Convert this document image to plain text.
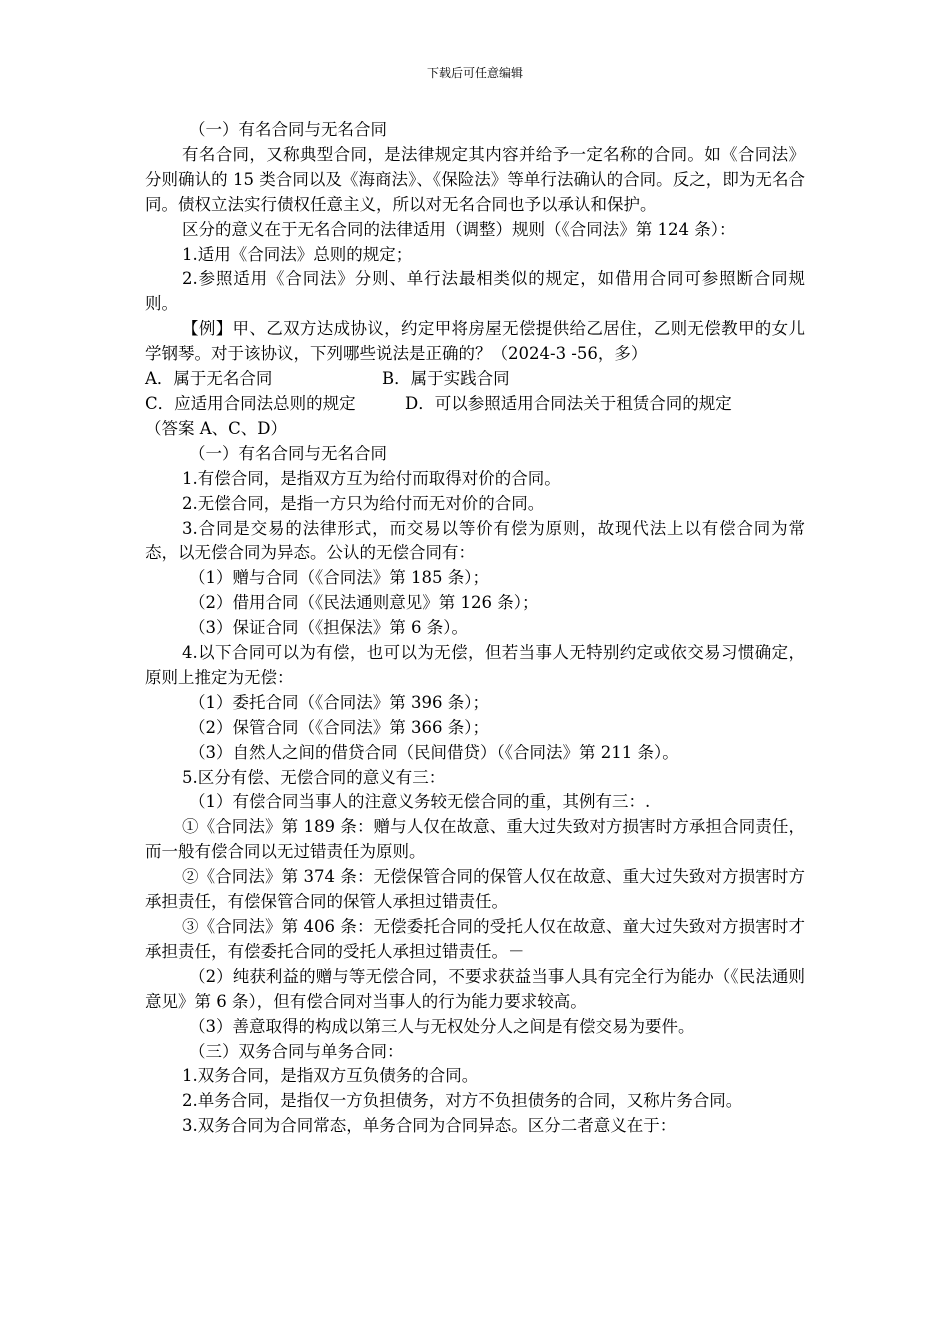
下载后可任意编辑

（一）有名合同与无名合同

有名合同，又称典型合同，是法律规定其内容并给予一定名称的合同。如《合同法》分则确认的 15 类合同以及《海商法》、《保险法》等单行法确认的合同。反之，即为无名合同。债权立法实行债权任意主义，所以对无名合同也予以承认和保护。

区分的意义在于无名合同的法律适用（调整）规则（《合同法》第 124 条）：

1.适用《合同法》总则的规定；

2.参照适用《合同法》分则、单行法最相类似的规定，如借用合同可参照断合同规则。

【例】甲、乙双方达成协议，约定甲将房屋无偿提供给乙居住，乙则无偿教甲的女儿学钢琴。对于该协议，下列哪些说法是正确的？（2024-3 -56，多）

A．属于无名合同	B．属于实践合同
C．应适用合同法总则的规定	D．可以参照适用合同法关于租赁合同的规定

（答案 A、C、D）

（一）有名合同与无名合同

1.有偿合同，是指双方互为给付而取得对价的合同。

2.无偿合同，是指一方只为给付而无对价的合同。

3.合同是交易的法律形式，而交易以等价有偿为原则，故现代法上以有偿合同为常态，以无偿合同为异态。公认的无偿合同有：

（1）赠与合同（《合同法》第 185 条）；

（2）借用合同（《民法通则意见》第 126 条）；

（3）保证合同（《担保法》第 6 条）。

4.以下合同可以为有偿，也可以为无偿，但若当事人无特别约定或依交易习惯确定，原则上推定为无偿：

（1）委托合同（《合同法》第 396 条）；

（2）保管合同（《合同法》第 366 条）；

（3）自然人之间的借贷合同（民间借贷）（《合同法》第 211 条）。

5.区分有偿、无偿合同的意义有三：

（1）有偿合同当事人的注意义务较无偿合同的重，其例有三：.

①《合同法》第 189 条：赠与人仅在故意、重大过失致对方损害时方承担合同责任，而一般有偿合同以无过错责任为原则。

②《合同法》第 374 条：无偿保管合同的保管人仅在故意、重大过失致对方损害时方承担责任，有偿保管合同的保管人承担过错责任。

③《合同法》第 406 条：无偿委托合同的受托人仅在故意、童大过失致对方损害时才承担责任，有偿委托合同的受托人承担过错责任。－

（2）纯获利益的赠与等无偿合同，不要求获益当事人具有完全行为能办（《民法通则意见》第 6 条），但有偿合同对当事人的行为能力要求较高。

（3）善意取得的构成以第三人与无权处分人之间是有偿交易为要件。

（三）双务合同与单务合同：

1.双务合同，是指双方互负债务的合同。

2.单务合同，是指仅一方负担债务，对方不负担债务的合同，又称片务合同。

3.双务合同为合同常态，单务合同为合同异态。区分二者意义在于：
